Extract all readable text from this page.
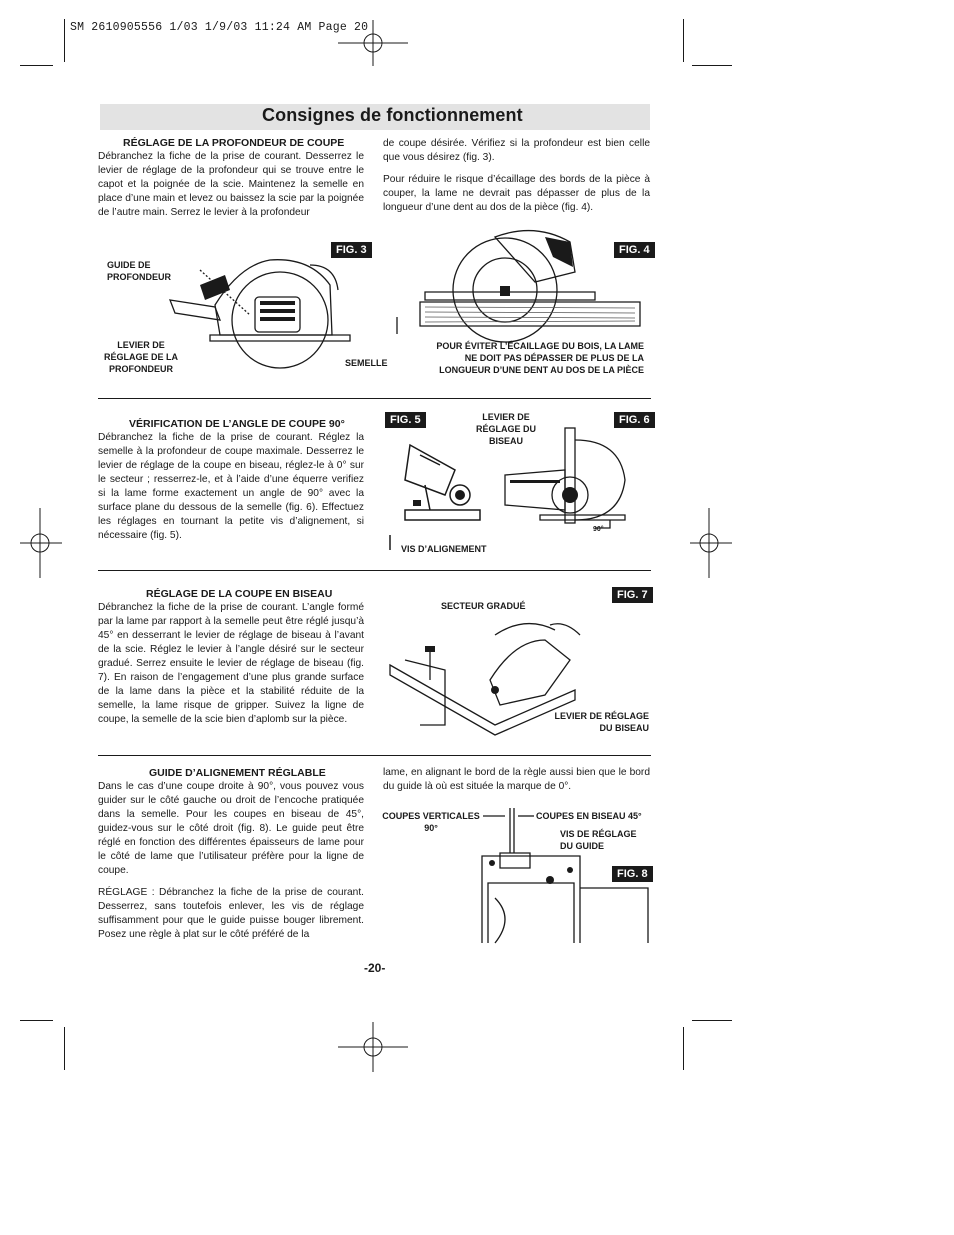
SM 2610905556 1/03 1/9/03 11:24 AM Page 20
Consignes de fonctionnement
RÉGLAGE DE LA PROFONDEUR DE COUPE
Débranchez la fiche de la prise de courant. Desserrez le levier de réglage de la profondeur qui se trouve entre le capot et la poignée de la scie. Maintenez la semelle en place d’une main et levez ou baissez la scie par la poignée de l’autre main. Serrez le levier à la profondeur

de coupe désirée. Vérifiez si la profondeur est bien celle que vous désirez (fig. 3).

Pour réduire le risque d’écaillage des bords de la pièce à couper, la lame ne devrait pas dépasser de plus de la longueur d’une dent au dos de la pièce (fig. 4).

FIG. 3
GUIDE DE
PROFONDEUR
LEVIER DE
RÉGLAGE DE LA
PROFONDEUR
SEMELLE
FIG. 4
POUR ÉVITER L’ÉCAILLAGE DU BOIS, LA LAME
NE DOIT PAS DÉPASSER DE PLUS DE LA
LONGUEUR D’UNE DENT AU DOS DE LA PIÈCE
VÉRIFICATION DE L’ANGLE DE COUPE 90°
Débranchez la fiche de la prise de courant. Réglez la semelle à la profondeur de coupe maximale. Desserrez le levier de réglage de la coupe en biseau, réglez-le à 0° sur le secteur ; resserrez-le, et à l’aide d’une équerre verifiez si la lame forme exactement un angle de 90° avec la surface plane du dessous de la semelle (fig. 6). Effectuez les réglages en tournant la petite vis d’alignement, si nécessaire (fig. 5).
FIG. 5
VIS D’ALIGNEMENT
FIG. 6
LEVIER DE
RÉGLAGE DU
BISEAU
90°
RÉGLAGE DE LA COUPE EN BISEAU
Débranchez la fiche de la prise de courant. L’angle formé par la lame par rapport à la semelle peut être réglé jusqu’à 45° en desserrant le levier de réglage de biseau à l’avant de la scie. Réglez le levier à l’angle désiré sur le secteur gradué. Serrez ensuite le levier de réglage de biseau (fig. 7). En raison de l’engagement d’une plus grande surface de la lame dans la pièce et la stabilité réduite de la semelle, la lame risque de gripper. Suivez la ligne de coupe, la semelle de la scie bien d’aplomb sur la pièce.
FIG. 7
SECTEUR GRADUÉ
LEVIER DE RÉGLAGE
DU BISEAU
GUIDE D’ALIGNEMENT RÉGLABLE

Dans le cas d’une coupe droite à 90°, vous pouvez vous guider sur le côté gauche ou droit de l’encoche pratiquée dans la semelle. Pour les coupes en biseau de 45°, guidez-vous sur le côté droit (fig. 8). Le guide peut être réglé en fonction des différentes épaisseurs de lame pour le côté de lame que l’utilisateur préfère pour la ligne de coupe.

RÉGLAGE : Débranchez la fiche de la prise de courant. Desserrez, sans toutefois enlever, les vis de réglage suffisamment pour que le guide puisse bouger librement. Posez une règle à plat sur le côté préféré de la

lame, en alignant le bord de la règle aussi bien que le bord du guide là où est située la marque de 0°.
COUPES VERTICALES
90°
COUPES EN BISEAU 45°
VIS DE RÉGLAGE
DU GUIDE
FIG. 8
-20-
